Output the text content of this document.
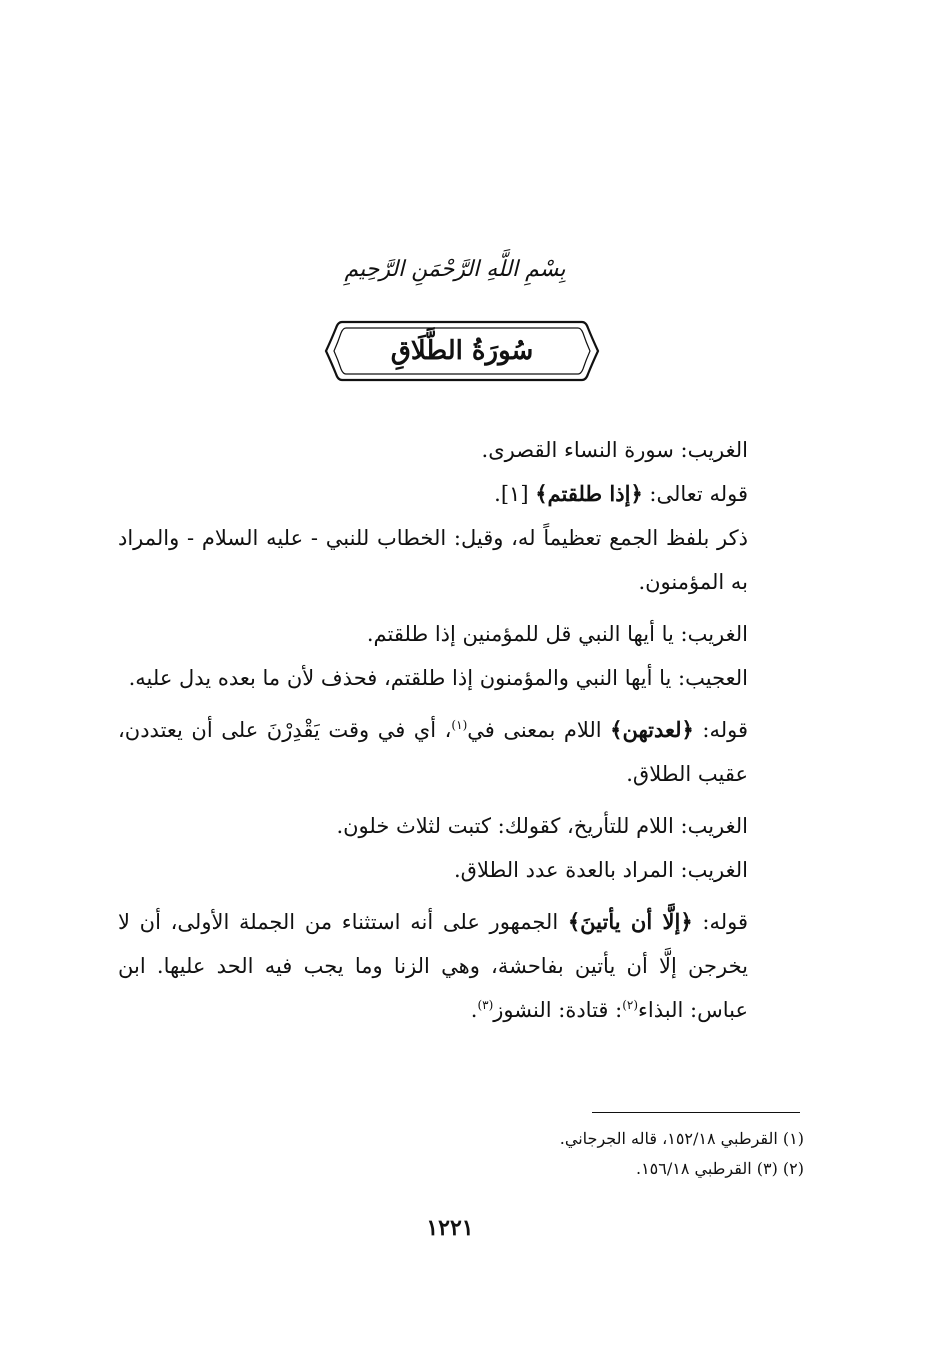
بِسْمِ اللَّهِ الرَّحْمَنِ الرَّحِيمِ
سُورَةُ الطَّلَاقِ

الغريب: سورة النساء القصرى.

قوله تعالى: ﴿إذا طلقتم﴾ [١].

ذكر بلفظ الجمع تعظيماً له، وقيل: الخطاب للنبي - عليه السلام - والمراد به المؤمنون.

الغريب: يا أيها النبي قل للمؤمنين إذا طلقتم.

العجيب: يا أيها النبي والمؤمنون إذا طلقتم، فحذف لأن ما بعده يدل عليه.

قوله: ﴿لعدتهن﴾ اللام بمعنى في$^{(١)}$، أي في وقت يَقْدِرْنَ على أن يعتددن، عقيب الطلاق.

الغريب: اللام للتأريخ، كقولك: كتبت لثلاث خلون.

الغريب: المراد بالعدة عدد الطلاق.

قوله: ﴿إلَّا أن يأتينَ﴾ الجمهور على أنه استثناء من الجملة الأولى، أن لا يخرجن إلَّا أن يأتين بفاحشة، وهي الزنا وما يجب فيه الحد عليها. ابن عباس: البذاء$^{(٢)}$: قتادة: النشوز$^{(٣)}$.

(١) القرطبي ١٥٢/١٨، قاله الجرجاني.

(٢) (٣) القرطبي ١٥٦/١٨.

١٢٢١
